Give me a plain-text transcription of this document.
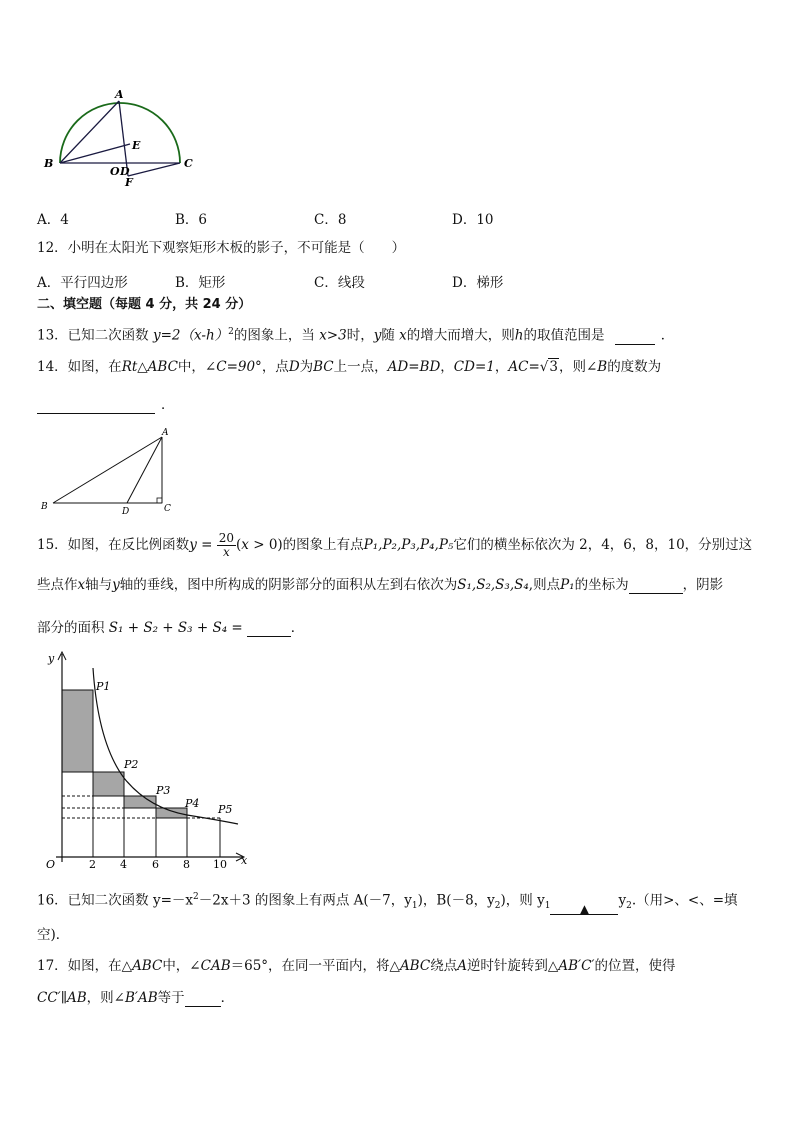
A
E
B
O D
F
C
A．4	B．6	C．8	D．10
12．小明在太阳光下观察矩形木板的影子，不可能是（　　）
A．平行四边形	B．矩形	C．线段	D．梯形
二、填空题（每题 4 分，共 24 分）
13．已知二次函数 $y=2(x-h)^2$的图象上，当 x>3时，y随 x的增大而增大，则h的取值范围是	．
14．如图，在Rt△ABC中，∠C=90°，点D为BC上一点，AD=BD，CD=1，AC=√3，则∠B的度数为
．
A
B	D	C
15．如图，在反比例函数$y = \frac{20}{x} (x > 0)$的图象上有点P₁,P₂,P₃,P₄,P₅它们的横坐标依次为 2，4，6，8，10，分别过这
些点作x轴与y轴的垂线，图中所构成的阴影部分的面积从左到右依次为S₁,S₂,S₃,S₄,则点P₁的坐标为	，阴影
部分的面积 S₁ + S₂ + S₃ + S₄ =	．
P1
P2
P3
P4 P5
O	2 4 6 8 10 x
y
16．已知二次函数 $y=-x^2-2x+3$ 的图象上有两点 A(－7，$y_1$)，B(－8，$y_2$)，则 $y_1$ $▲y_2$.（用>、<、=填
空)．
17．如图，在△ABC中，∠CAB＝65°，在同一平面内，将△ABC绕点A逆时针旋转到△AB′C′的位置，使得
CC′∥AB，则∠B′AB等于	．
